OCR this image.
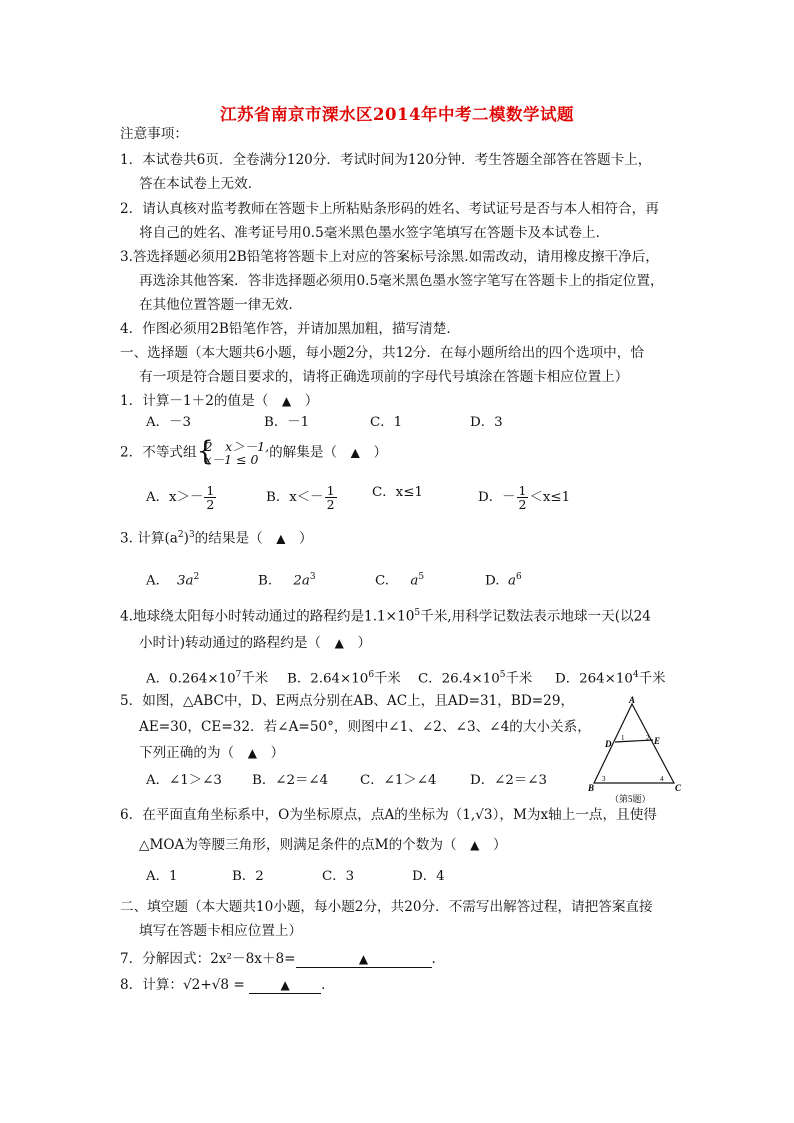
江苏省南京市溧水区2014年中考二模数学试题
注意事项：
1．本试卷共6页．全卷满分120分．考试时间为120分钟．考生答题全部答在答题卡上，
答在本试卷上无效．
2．请认真核对监考教师在答题卡上所粘贴条形码的姓名、考试证号是否与本人相符合，再
将自己的姓名、准考证号用0.5毫米黑色墨水签字笔填写在答题卡及本试卷上．
3.答选择题必须用2B铅笔将答题卡上对应的答案标号涂黑.如需改动，请用橡皮擦干净后，
再选涂其他答案．答非选择题必须用0.5毫米黑色墨水签字笔写在答题卡上的指定位置，
在其他位置答题一律无效．
4．作图必须用2B铅笔作答，并请加黑加粗，描写清楚．
一、选择题（本大题共6小题，每小题2分，共12分．在每小题所给出的四个选项中，恰
有一项是符合题目要求的，请将正确选项前的字母代号填涂在答题卡相应位置上）
1．计算－1＋2的值是（　▲　）
A．－3	B．－1	C．1	D．3
2．不等式组 {
2　x＞－1,
x－1 ≤ 0 的解集是（　▲　）
A．$x>- \frac{1}{2}$	B．$x<- \frac{1}{2}$	C．x≤1	D．－ $\frac{1}{2} <x\le 1$
3. 计算$(a^2)^3$的结果是（　▲　）
A. $3a^2$	B. $2a^3$	C. $a^5$	D. $a^6$
4.地球绕太阳每小时转动通过的路程约是$1.1\times 10^5$千米,用科学记数法表示地球一天(以24
小时计)转动通过的路程约是（　▲　）
A．$0.264\times 10^7$千米 B．$2.64\times 10^6$千米 C．$26.4\times 10^5$千米 D．$264\times 10^4$千米
5．如图，△ABC中，D、E两点分别在AB、AC上，且AD=31，BD=29，
AE=30，CE=32．若∠A=50°，则图中∠1、∠2、∠3、∠4的大小关系，
下列正确的为（　▲　）
A．∠1＞∠3 B．∠2＝∠4 C．∠1＞∠4 D．∠2＝∠3
A
B	C
D	E
1	2
3	4
（第5题）
6．在平面直角坐标系中，O为坐标原点，点A的坐标为（1,√3），M为x轴上一点，且使得
△MOA为等腰三角形，则满足条件的点M的个数为（　▲　）
A．1	B．2	C．3	D．4
二、填空题（本大题共10小题，每小题2分，共20分．不需写出解答过程，请把答案直接
填写在答题卡相应位置上）
7．分解因式：2x²－8x＋8=	▲	.
8．计算：√2+√8 =	▲ ．
